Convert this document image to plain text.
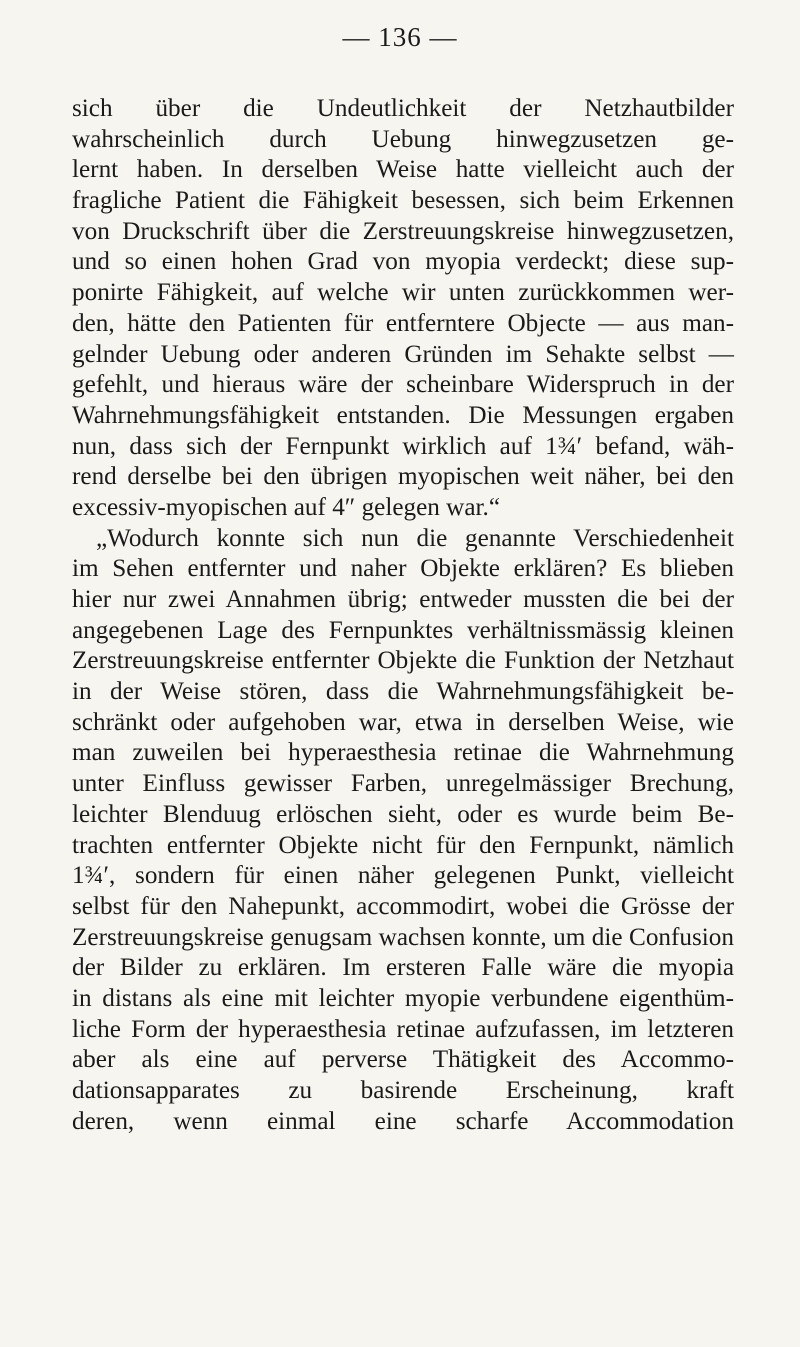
— 136 —
sich über die Undeutlichkeit der Netzhautbilder
wahrscheinlich durch Uebung hinwegzusetzen ge-
lernt haben. In derselben Weise hatte vielleicht auch der
fragliche Patient die Fähigkeit besessen, sich beim Erkennen
von Druckschrift über die Zerstreuungskreise hinwegzusetzen,
und so einen hohen Grad von myopia verdeckt; diese sup-
ponirte Fähigkeit, auf welche wir unten zurückkommen wer-
den, hätte den Patienten für entferntere Objecte — aus man-
gelnder Uebung oder anderen Gründen im Sehakte selbst —
gefehlt, und hieraus wäre der scheinbare Widerspruch in der
Wahrnehmungsfähigkeit entstanden. Die Messungen ergaben
nun, dass sich der Fernpunkt wirklich auf 1¾′ befand, wäh-
rend derselbe bei den übrigen myopischen weit näher, bei den
excessiv-myopischen auf 4″ gelegen war.“
„Wodurch konnte sich nun die genannte Verschiedenheit
im Sehen entfernter und naher Objekte erklären? Es blieben
hier nur zwei Annahmen übrig; entweder mussten die bei der
angegebenen Lage des Fernpunktes verhältnissmässig kleinen
Zerstreuungskreise entfernter Objekte die Funktion der Netzhaut
in der Weise stören, dass die Wahrnehmungsfähigkeit be-
schränkt oder aufgehoben war, etwa in derselben Weise, wie
man zuweilen bei hyperaesthesia retinae die Wahrnehmung
unter Einfluss gewisser Farben, unregelmässiger Brechung,
leichter Blenduug erlöschen sieht, oder es wurde beim Be-
trachten entfernter Objekte nicht für den Fernpunkt, nämlich
1¾′, sondern für einen näher gelegenen Punkt, vielleicht
selbst für den Nahepunkt, accommodirt, wobei die Grösse der
Zerstreuungskreise genugsam wachsen konnte, um die Confusion
der Bilder zu erklären. Im ersteren Falle wäre die myopia
in distans als eine mit leichter myopie verbundene eigenthüm-
liche Form der hyperaesthesia retinae aufzufassen, im letzteren
aber als eine auf perverse Thätigkeit des Accommo-
dationsapparates zu basirende Erscheinung, kraft
deren, wenn einmal eine scharfe Accommodation
